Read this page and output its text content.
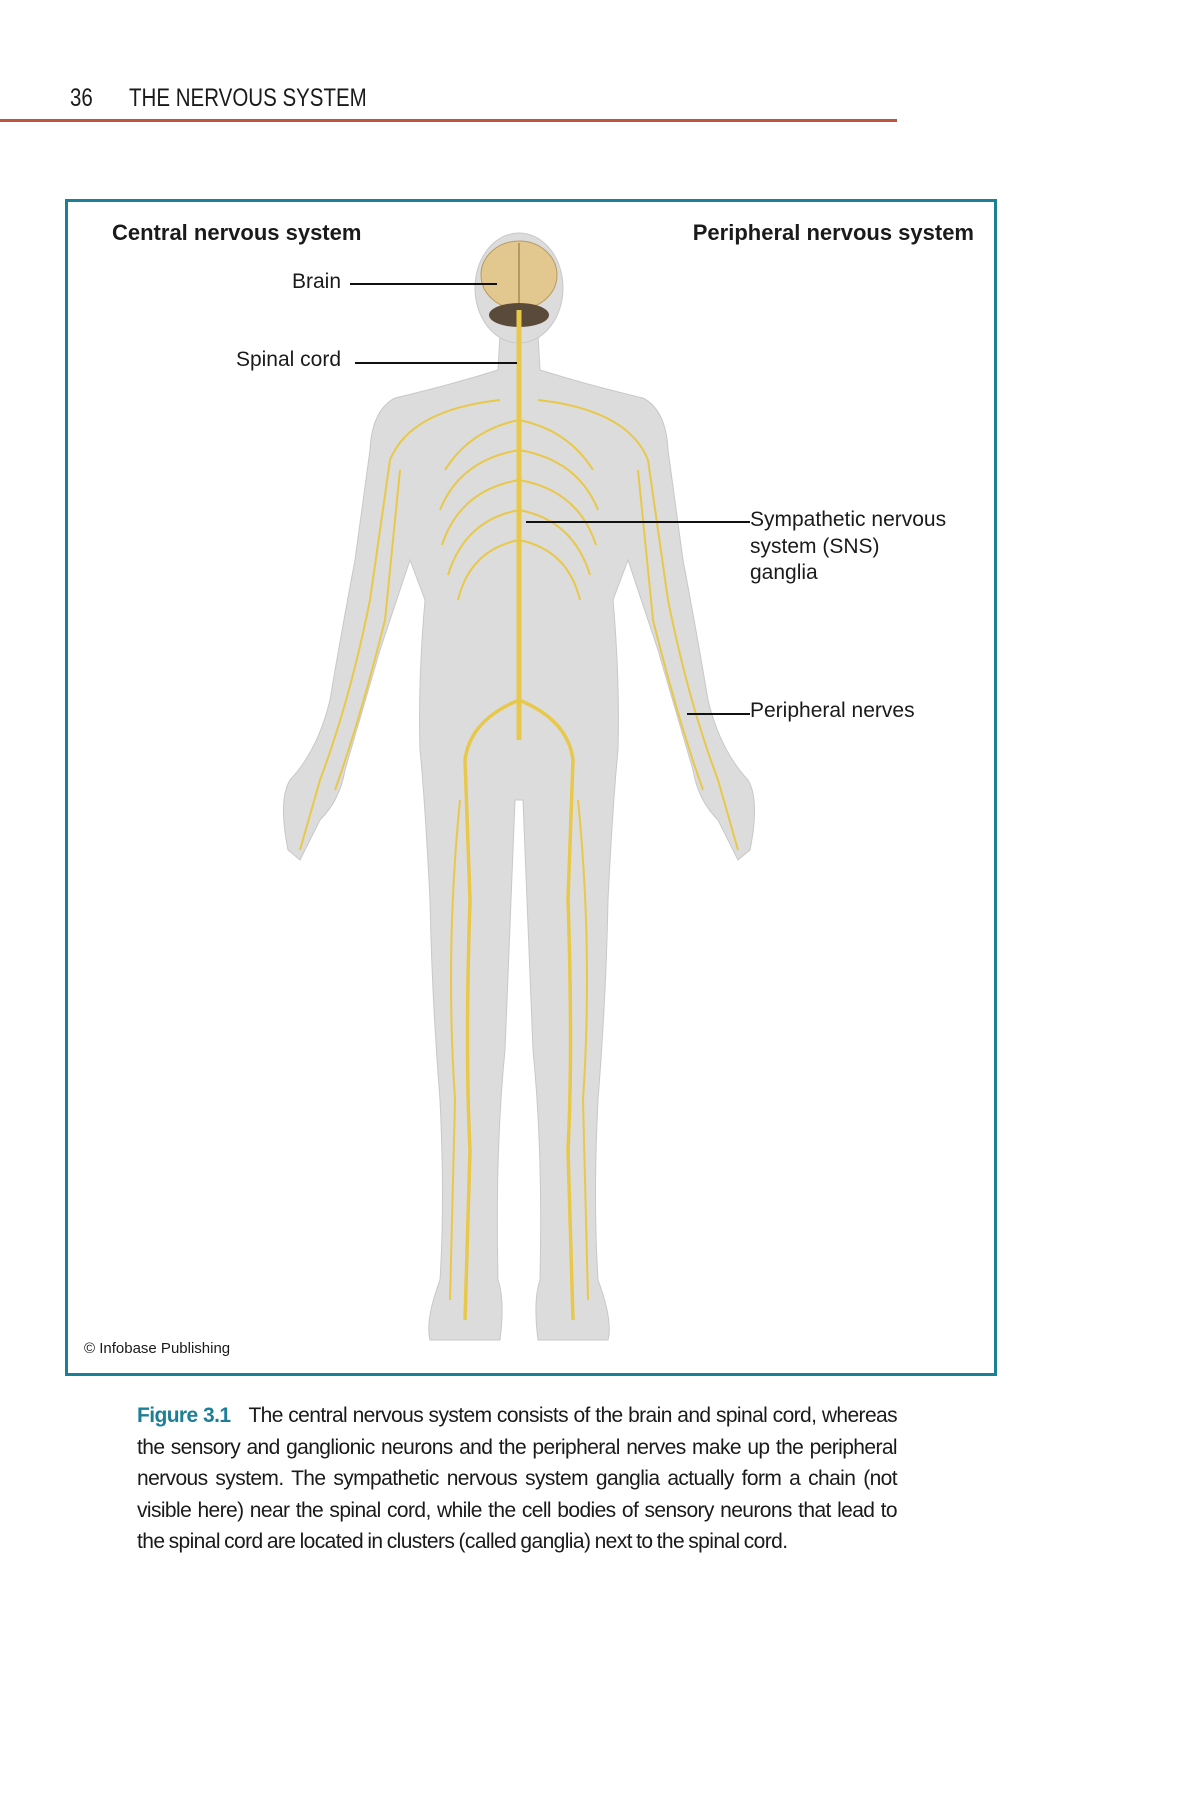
36 THE NERVOUS SYSTEM
Central nervous system	Peripheral nervous system
Brain
Spinal cord
Sympathetic nervous
system (SNS)
ganglia
Peripheral nerves
© Infobase Publishing
Figure 3.1 The central nervous system consists of the brain and spinal cord, whereas the sensory and ganglionic neurons and the peripheral nerves make up the peripheral nervous system. The sympathetic nervous system ganglia actually form a chain (not visible here) near the spinal cord, while the cell bodies of sensory neurons that lead to the spinal cord are located in clusters (called ganglia) next to the spinal cord.
